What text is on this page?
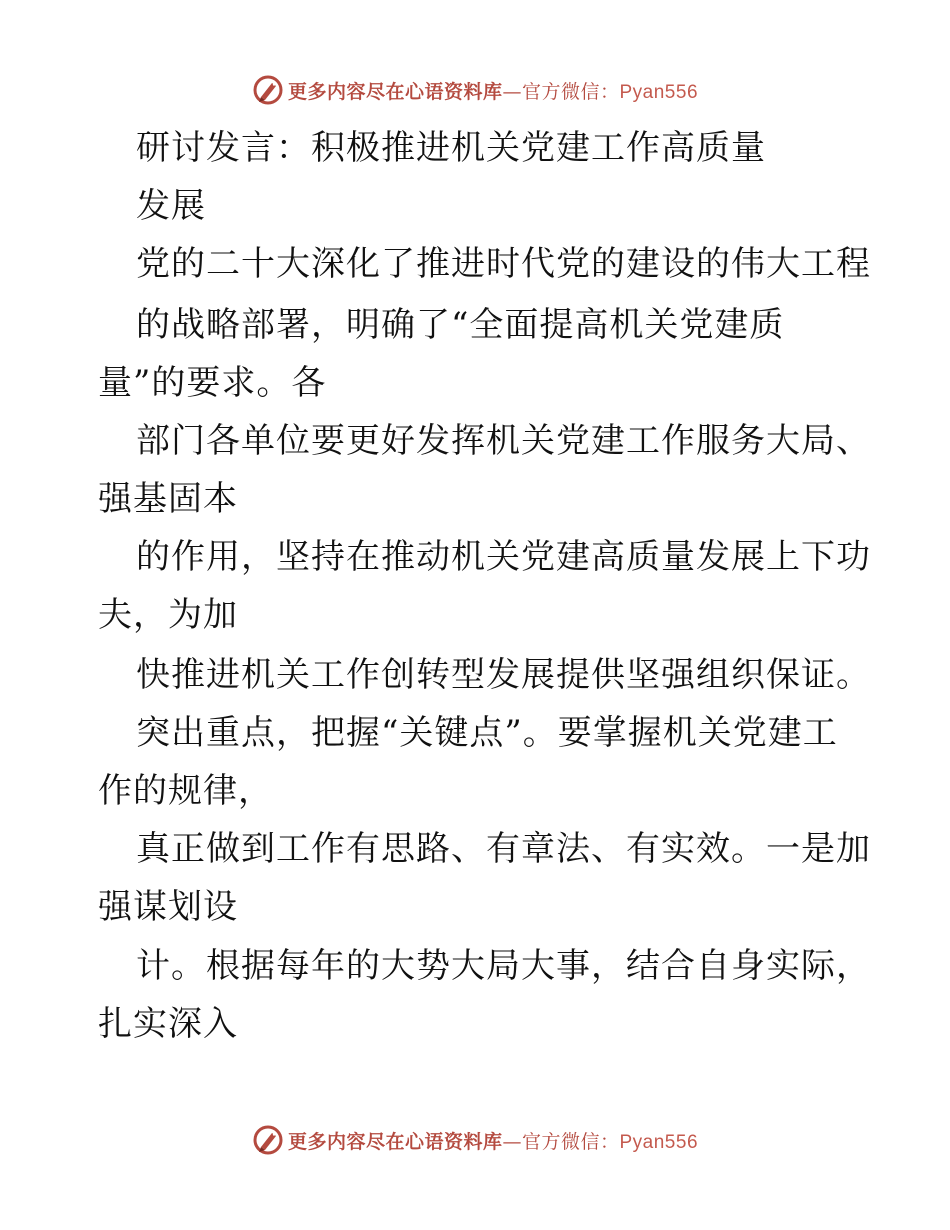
更多内容尽在心语资料库—官方微信：Pyan556
研讨发言：积极推进机关党建工作高质量
发展
党的二十大深化了推进时代党的建设的伟大工程
的战略部署，明确了“全面提高机关党建质
量”的要求。各
部门各单位要更好发挥机关党建工作服务大局、
强基固本
的作用，坚持在推动机关党建高质量发展上下功
夫，为加
快推进机关工作创转型发展提供坚强组织保证。
突出重点，把握“关键点”。要掌握机关党建工
作的规律，
真正做到工作有思路、有章法、有实效。一是加
强谋划设
计。根据每年的大势大局大事，结合自身实际，
扎实深入
更多内容尽在心语资料库—官方微信：Pyan556
